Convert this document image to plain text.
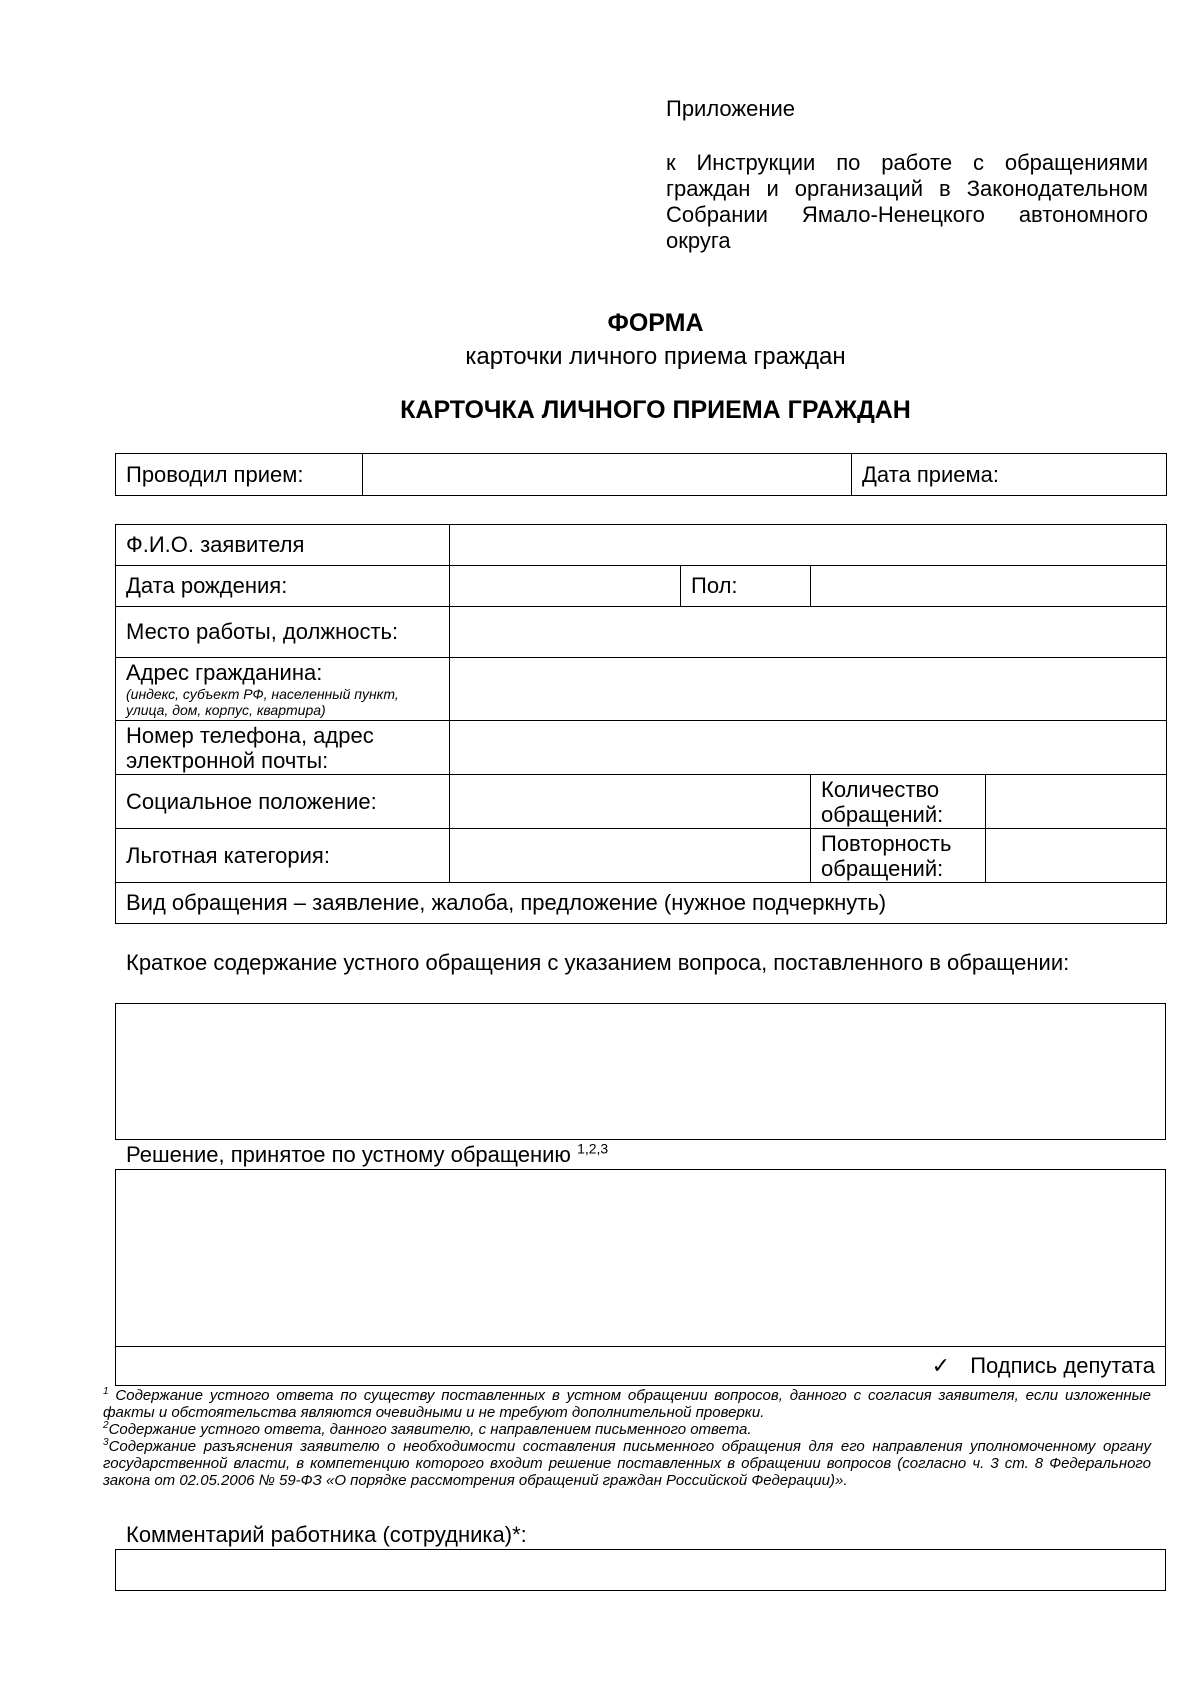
Приложение
к Инструкции по работе с обращениями граждан и организаций в Законодательном Собрании Ямало-Ненецкого автономного округа
ФОРМА
карточки личного приема граждан
КАРТОЧКА ЛИЧНОГО ПРИЕМА ГРАЖДАН
Проводил прием:		Дата приема:
Ф.И.О. заявителя				
Дата рождения:		Пол:		
Место работы, должность:				
Адрес гражданина:
(индекс, субъект РФ, населенный пункт, улица, дом, корпус, квартира)				

Номер телефона, адрес электронной почты:				
Социальное положение:			Количество обращений:	
Льготная категория:			Повторность обращений:	
Вид обращения – заявление, жалоба, предложение (нужное подчеркнуть)				
Краткое содержание устного обращения с указанием вопроса, поставленного в обращении:
Решение, принятое по устному обращению $^{1,2,3}$
✓ Подпись депутата

$^1$ Содержание устного ответа по существу поставленных в устном обращении вопросов, данного с согласия заявителя, если изложенные факты и обстоятельства являются очевидными и не требуют дополнительной проверки.

$^2$Содержание устного ответа, данного заявителю, с направлением письменного ответа.

$^3$Содержание разъяснения заявителю о необходимости составления письменного обращения для его направления уполномоченному органу государственной власти, в компетенцию которого входит решение поставленных в обращении вопросов (согласно ч. 3 ст. 8 Федерального закона от 02.05.2006 № 59-ФЗ «О порядке рассмотрения обращений граждан Российской Федерации)».

Комментарий работника (сотрудника)*:
